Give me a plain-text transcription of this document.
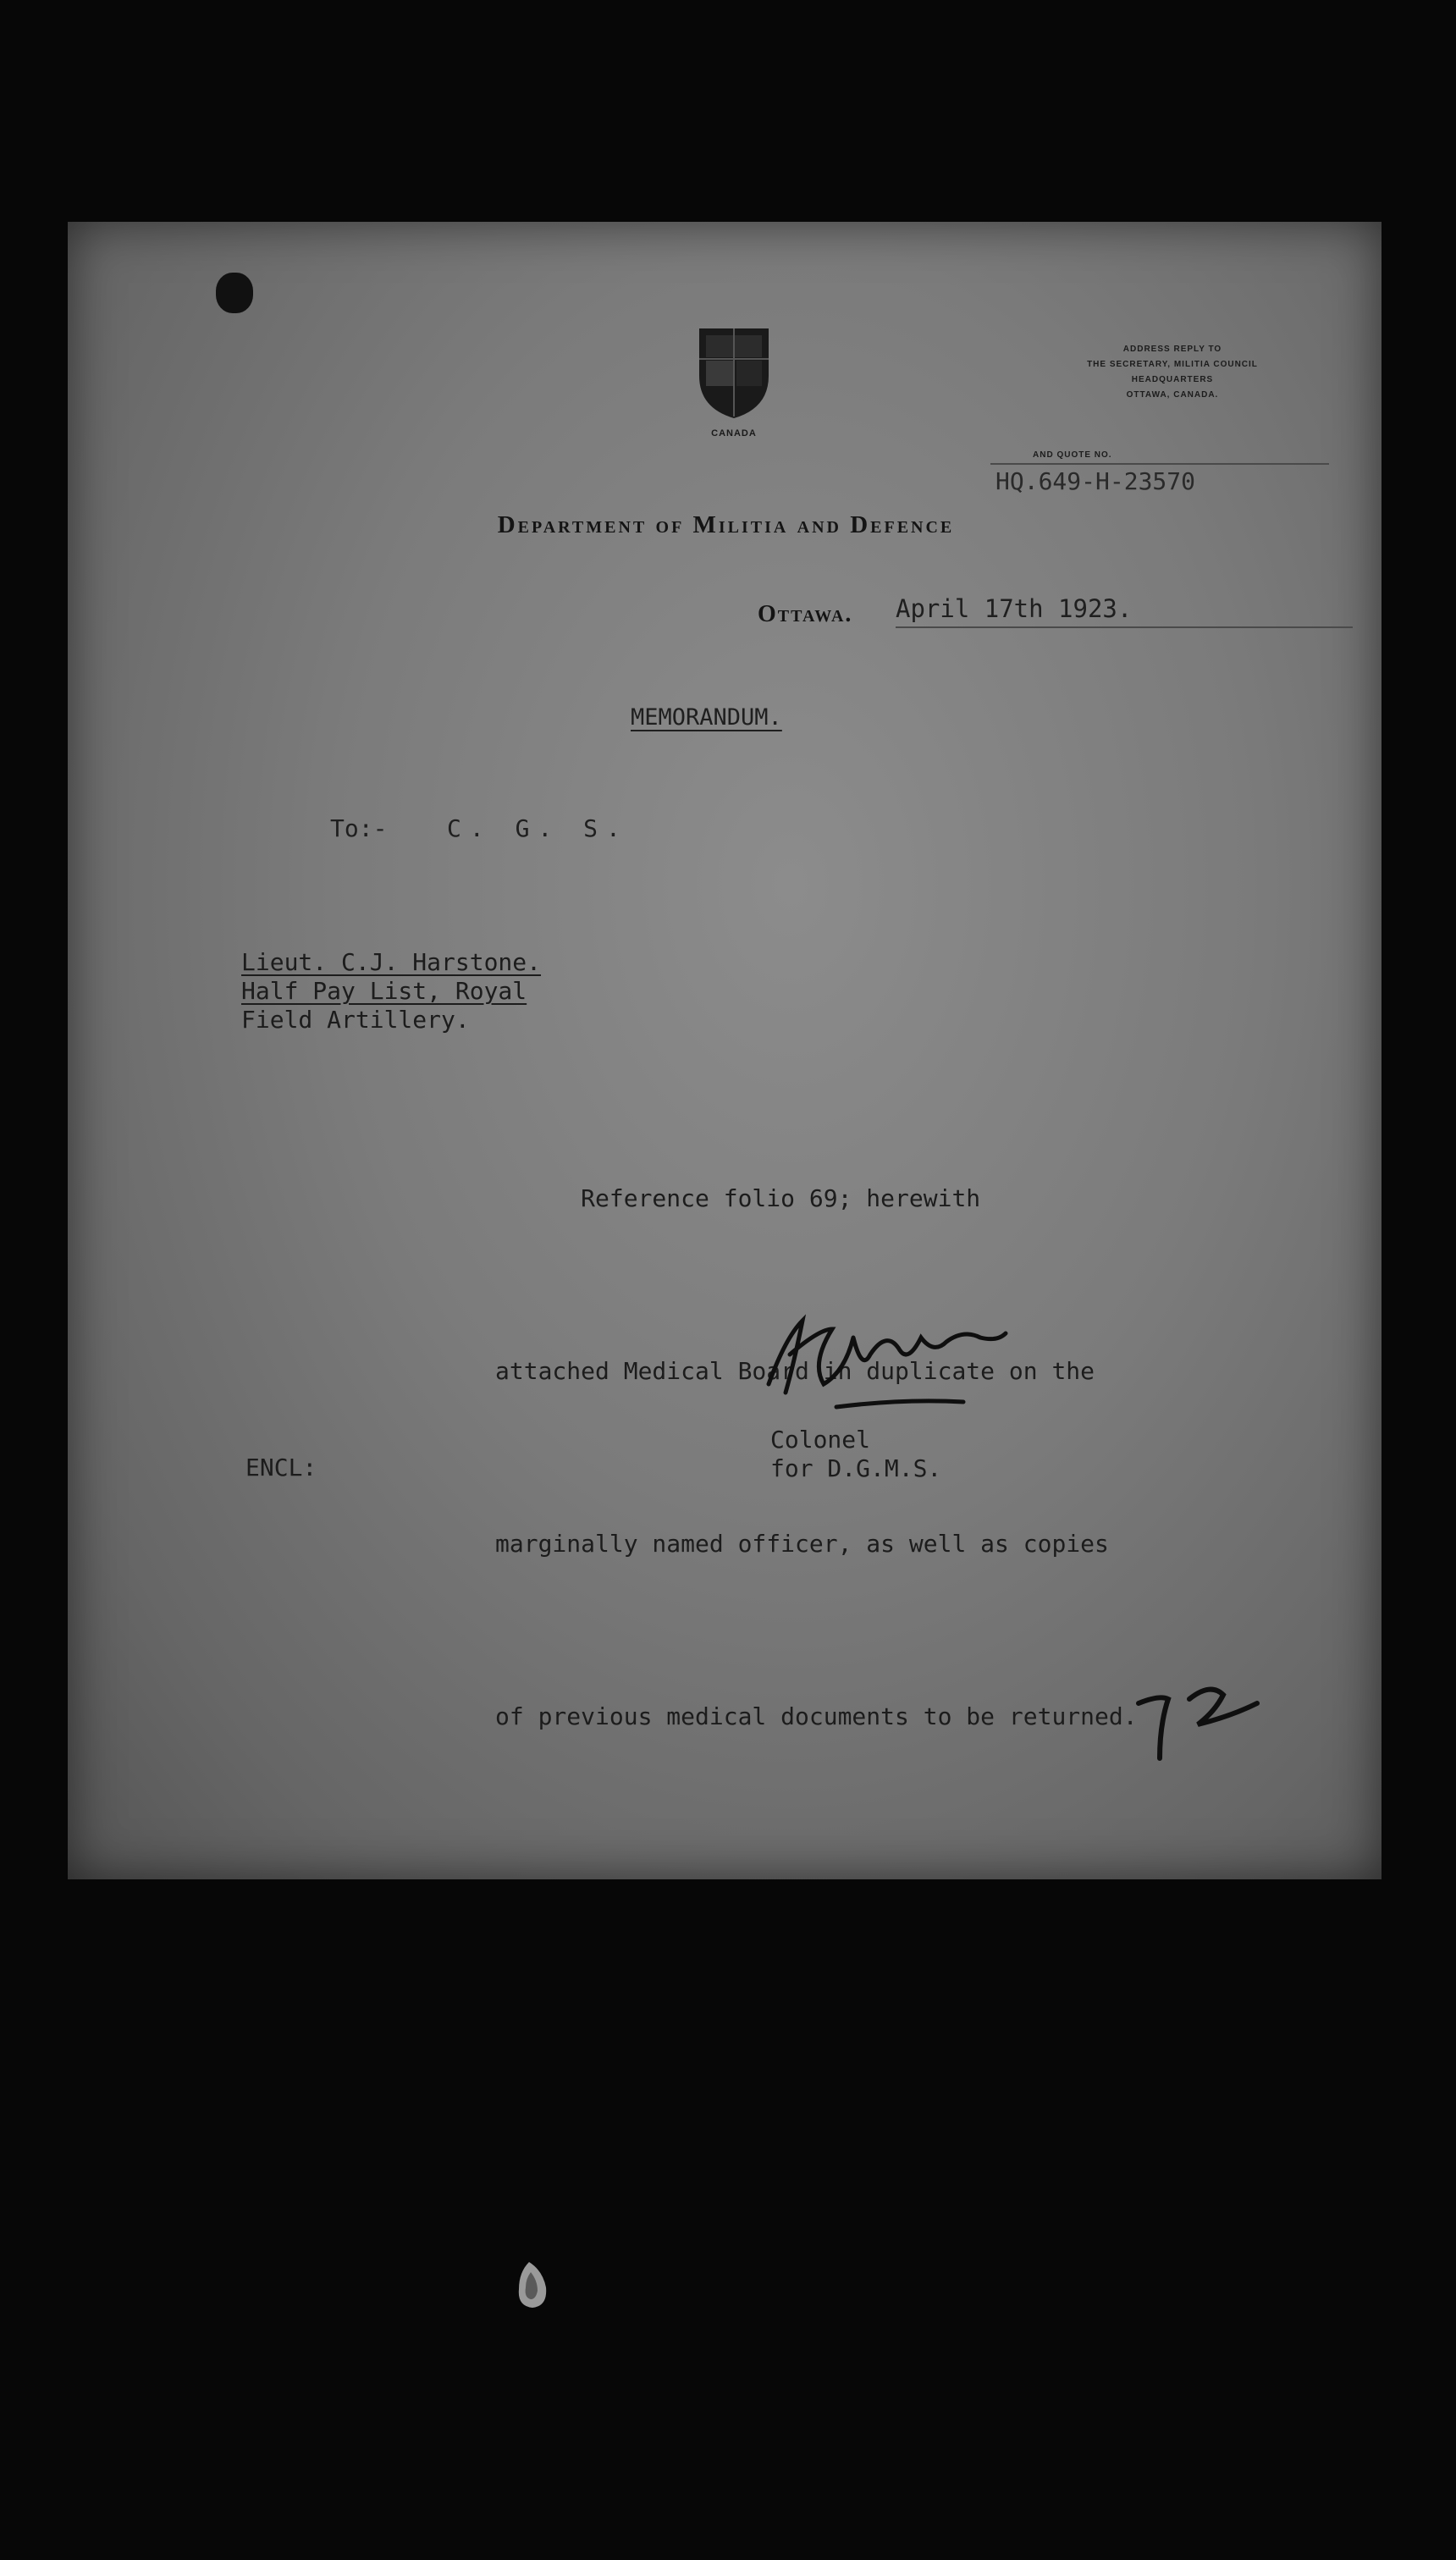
CANADA
ADDRESS REPLY TO
THE SECRETARY, MILITIA COUNCIL
HEADQUARTERS
OTTAWA, CANADA.
AND QUOTE NO.
HQ.649-H-23570
Department of Militia and Defence
Ottawa. April 17th 1923.
MEMORANDUM.
To:-	C. G. S.
Lieut. C.J. Harstone.
Half Pay List, Royal
Field Artillery.

Reference folio 69; herewith

attached Medical Board in duplicate on the

marginally named officer, as well as copies

of previous medical documents to be returned.

Colonel
for D.G.M.S.
ENCL:
